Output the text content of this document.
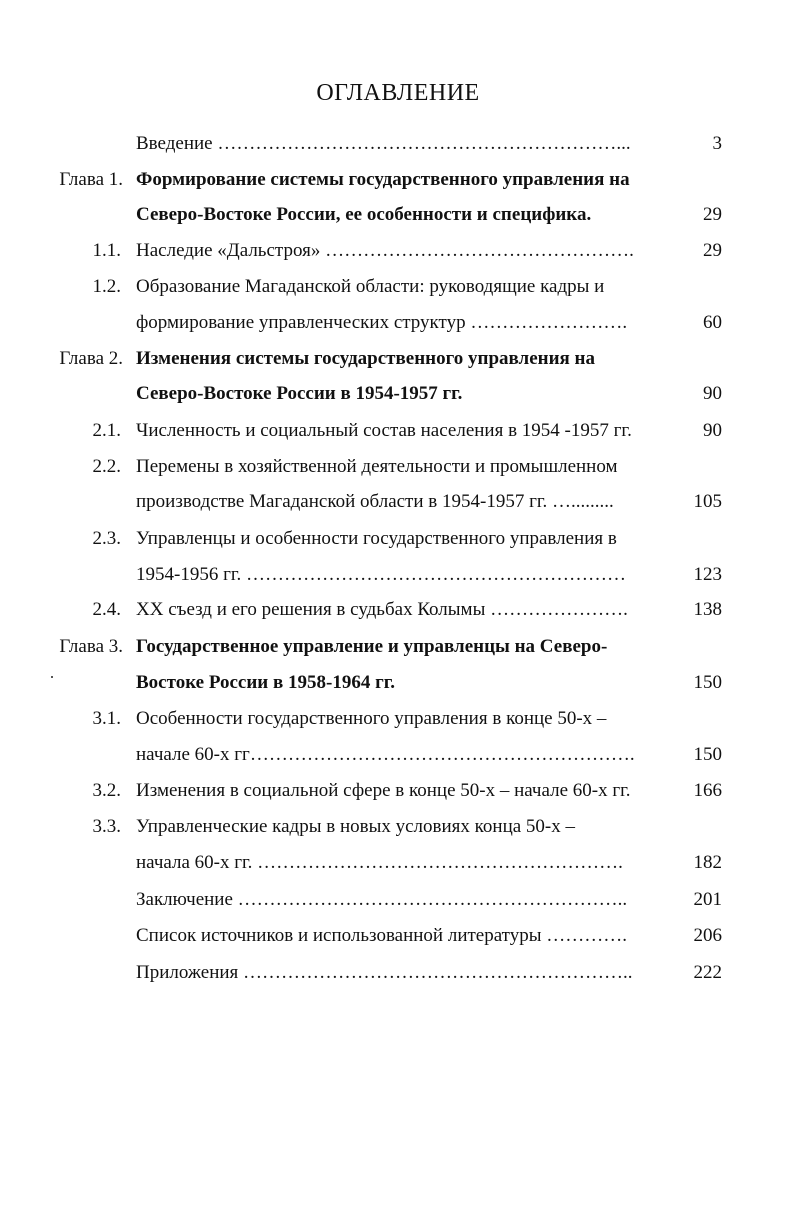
ОГЛАВЛЕНИЕ
Введение ………………………………………………………...	3
Глава 1. Формирование системы государственного управления на
Северо-Востоке России, ее особенности и специфика.	29
1.1. Наследие «Дальстроя» ………………………………………….	29
1.2. Образование Магаданской области: руководящие кадры и
формирование управленческих структур …………………….	60
Глава 2. Изменения системы государственного управления на
Северо-Востоке России в 1954-1957 гг.	90
2.1. Численность и социальный состав населения в 1954 -1957 гг.	90
2.2. Перемены в хозяйственной деятельности и промышленном
производстве Магаданской области в 1954-1957 гг. ….........	105
2.3. Управленцы и особенности государственного управления в
1954-1956 гг. ……………………………………………………	123
2.4. XX съезд и его решения в судьбах Колымы ………………….	138
Глава 3. Государственное управление и управленцы на Северо-
Востоке России в 1958-1964 гг.	150
3.1. Особенности государственного управления в конце 50-х –
начале 60-х гг…………………………………………………….	150
3.2. Изменения в социальной сфере в конце 50-х – начале 60-х гг.	166
3.3. Управленческие кадры в новых условиях конца 50-х –
начала 60-х гг. ………………………………………………….	182
Заключение ……………………………………………………..	201
Список источников и использованной литературы ………….	206
Приложения ……………………………………………………..	222
